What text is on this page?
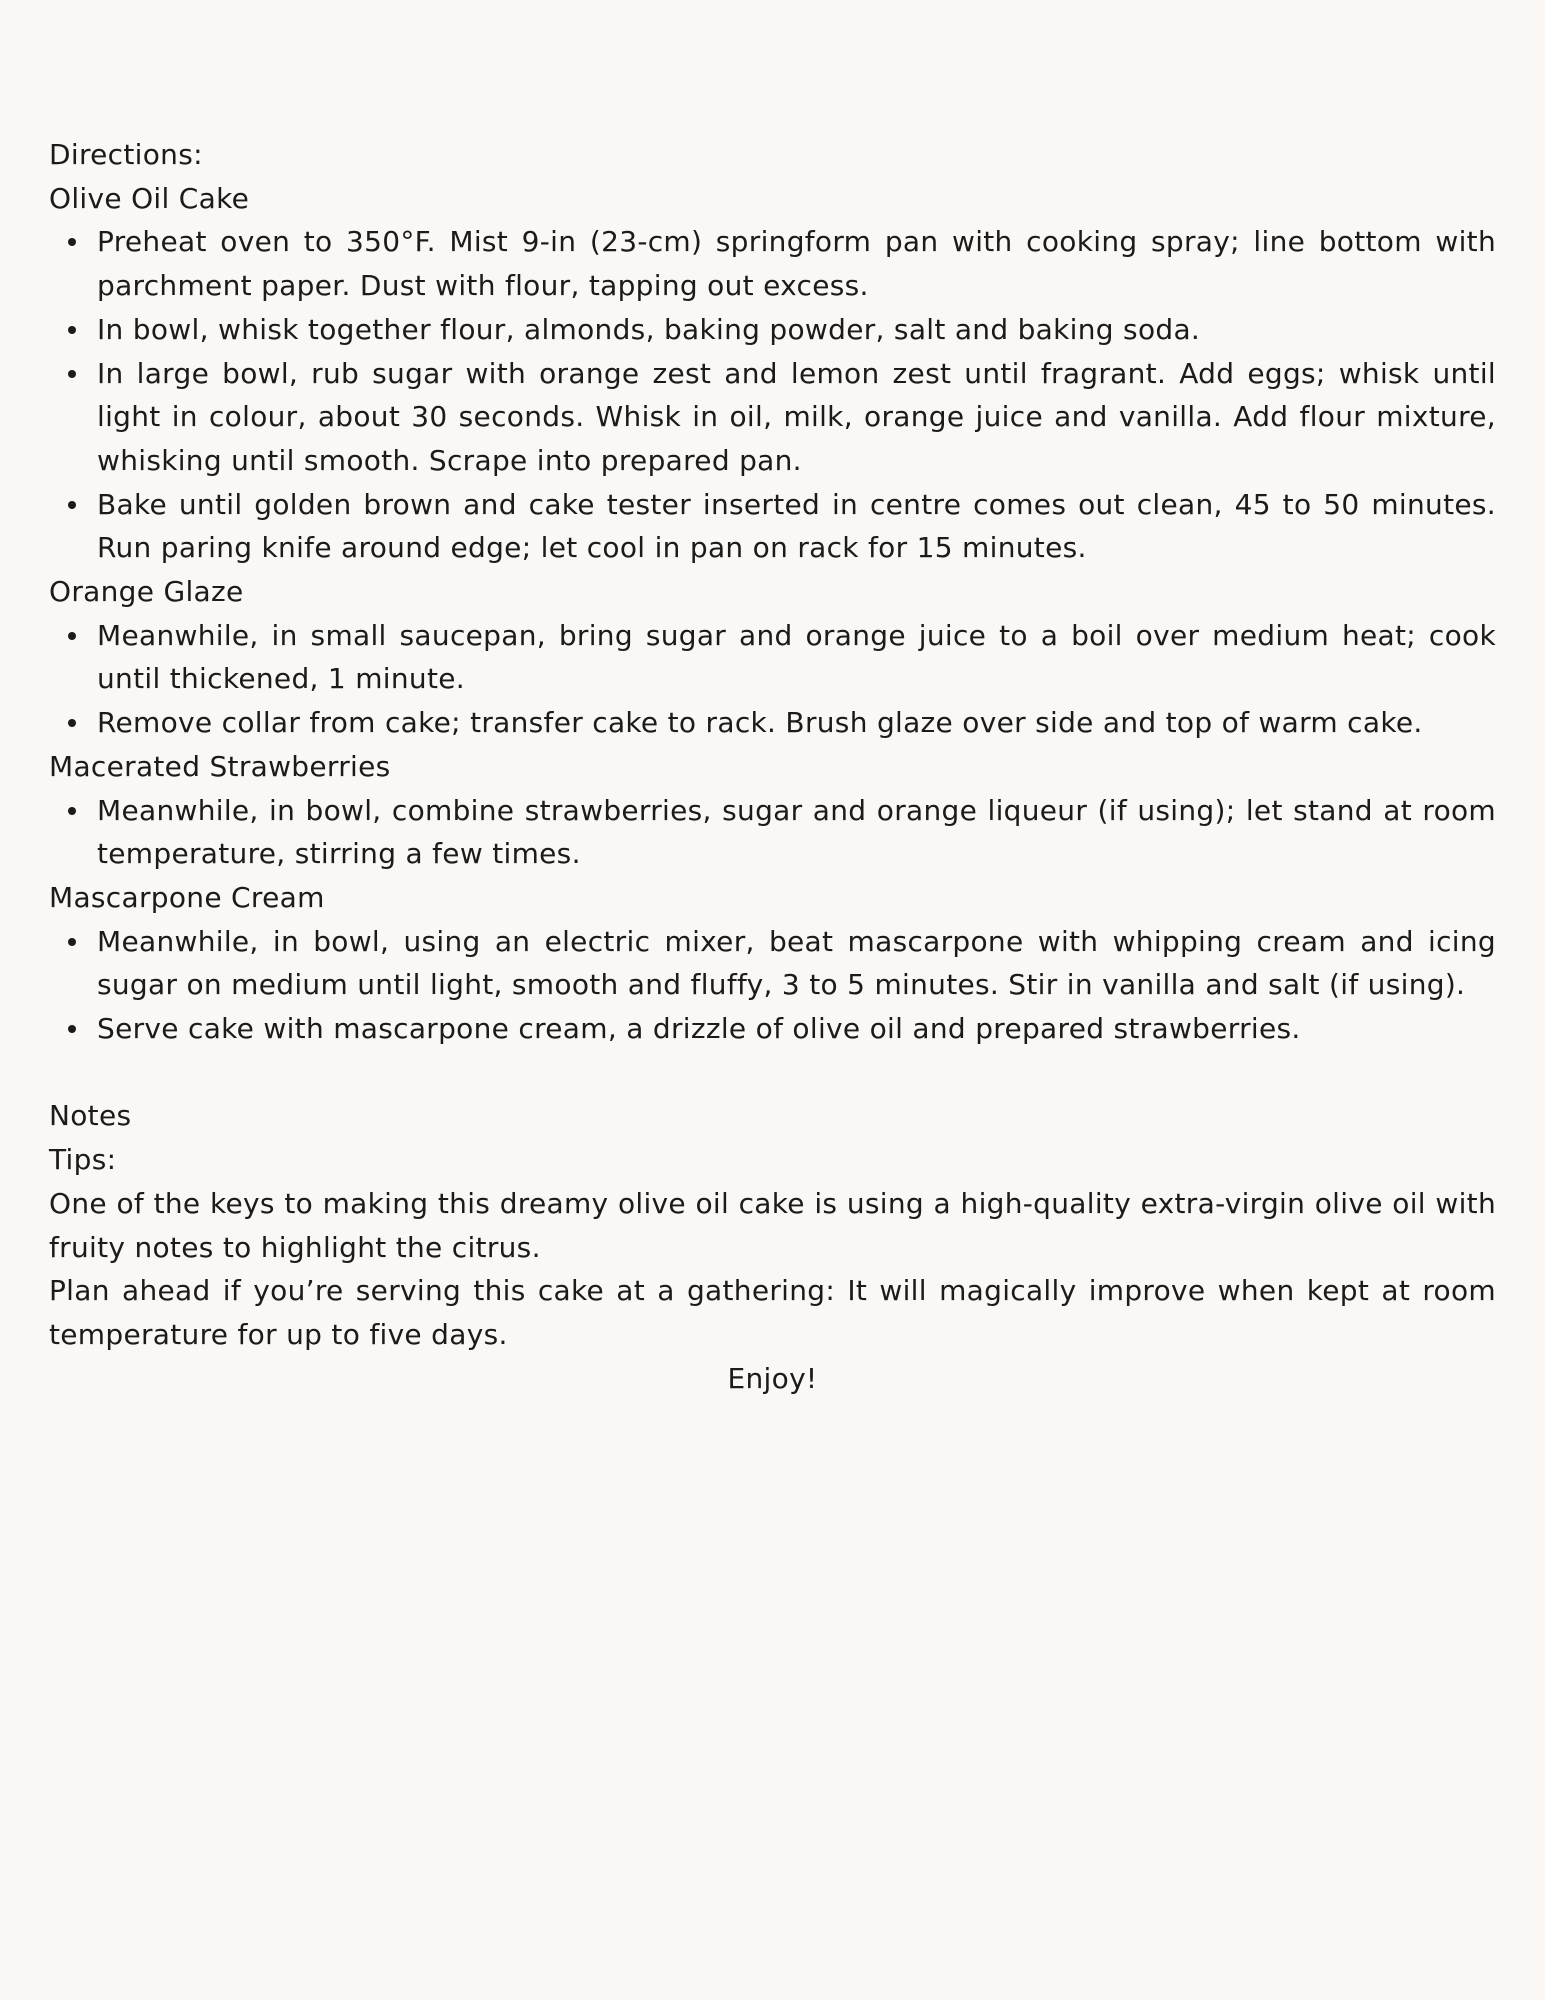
Directions:

Olive Oil Cake

Preheat oven to 350°F. Mist 9-in (23-cm) springform pan with cooking spray; line bottom with parchment paper. Dust with flour, tapping out excess.
In bowl, whisk together flour, almonds, baking powder, salt and baking soda.
In large bowl, rub sugar with orange zest and lemon zest until fragrant. Add eggs; whisk until light in colour, about 30 seconds. Whisk in oil, milk, orange juice and vanilla. Add flour mixture, whisking until smooth. Scrape into prepared pan.
Bake until golden brown and cake tester inserted in centre comes out clean, 45 to 50 minutes. Run paring knife around edge; let cool in pan on rack for 15 minutes.

Orange Glaze

Meanwhile, in small saucepan, bring sugar and orange juice to a boil over medium heat; cook until thickened, 1 minute.
Remove collar from cake; transfer cake to rack. Brush glaze over side and top of warm cake.

Macerated Strawberries

Meanwhile, in bowl, combine strawberries, sugar and orange liqueur (if using); let stand at room temperature, stirring a few times.

Mascarpone Cream

Meanwhile, in bowl, using an electric mixer, beat mascarpone with whipping cream and icing sugar on medium until light, smooth and fluffy, 3 to 5 minutes. Stir in vanilla and salt (if using).
Serve cake with mascarpone cream, a drizzle of olive oil and prepared strawberries.

Notes

Tips:

One of the keys to making this dreamy olive oil cake is using a high-quality extra-virgin olive oil with fruity notes to highlight the citrus.

Plan ahead if you’re serving this cake at a gathering: It will magically improve when kept at room temperature for up to five days.

Enjoy!
